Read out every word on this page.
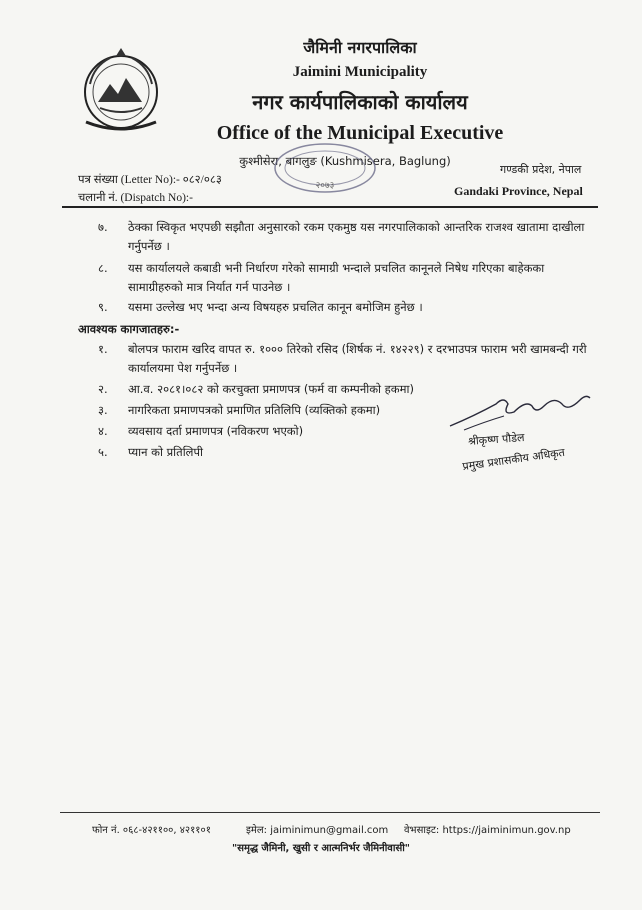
जैमिनी नगरपालिका
Jaimini Municipality
नगर कार्यपालिकाको कार्यालय
Office of the Municipal Executive
कुश्मीसेरा, बागलुङ (Kushmisera, Baglung)
२०७३
पत्र संख्या (Letter No):- ०८२/०८३
चलानी नं. (Dispatch No):-
गण्डकी प्रदेश, नेपाल
Gandaki Province, Nepal
७. ठेक्का स्विकृत भएपछी सझौता अनुसारको रकम एकमुष्ठ यस नगरपालिकाको आन्तरिक राजश्व खातामा दाखीला
गर्नुपर्नेछ ।
८. यस कार्यालयले कबाडी भनी निर्धारण गरेको सामाग्री भन्दाले प्रचलित कानूनले निषेध गरिएका बाहेकका
सामाग्रीहरुको मात्र निर्यात गर्न पाउनेछ ।
९. यसमा उल्लेख भए भन्दा अन्य विषयहरु प्रचलित कानून बमोजिम हुनेछ ।
आवश्यक कागजातहरु:-
१. बोलपत्र फाराम खरिद वापत रु. १००० तिरेको रसिद (शिर्षक नं. १४२२९) र दरभाउपत्र फाराम भरी खामबन्दी गरी
कार्यालयमा पेश गर्नुपर्नेछ ।
२. आ.व. २०८१।०८२ को करचुक्ता प्रमाणपत्र (फर्म वा कम्पनीको हकमा)
३. नागरिकता प्रमाणपत्रको प्रमाणित प्रतिलिपि (व्यक्तिको हकमा)
४. व्यवसाय दर्ता प्रमाणपत्र (नविकरण भएको)
५. प्यान को प्रतिलिपी
श्रीकृष्ण पौडेल
प्रमुख प्रशासकीय अधिकृत
फोन नं. ०६८-४२११००, ४२११०१	इमेल: jaiminimun@gmail.com वेभसाइट: https://jaiminimun.gov.np
"समृद्ध जैमिनी, खुसी र आत्मनिर्भर जैमिनीवासी"
